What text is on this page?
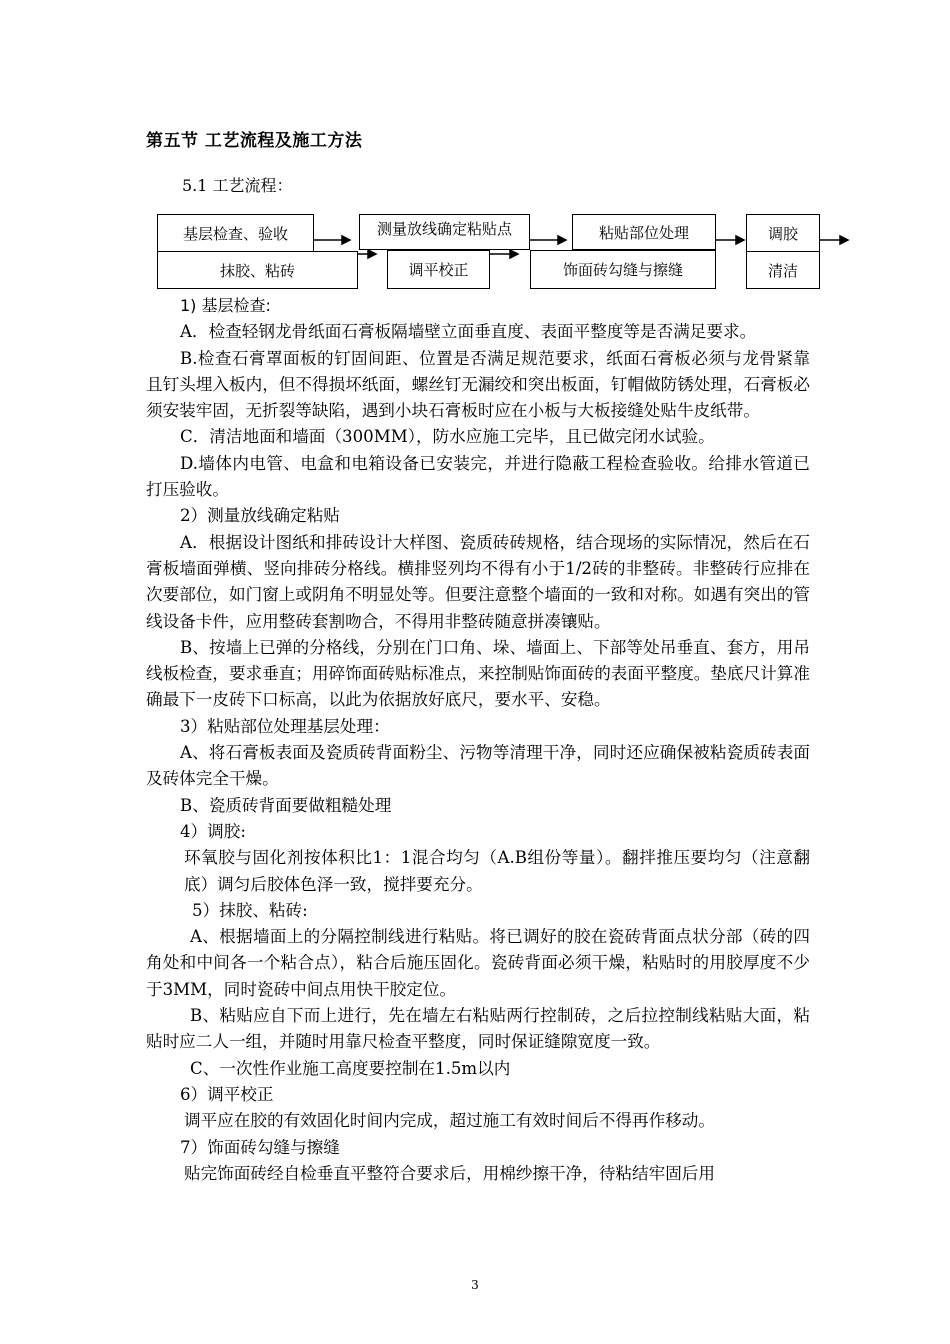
第五节 工艺流程及施工方法
5.1 工艺流程：
基层检查、验收	测量放线确定粘贴点	粘贴部位处理	调胶
抹胶、粘砖	调平校正	饰面砖勾缝与擦缝	清洁

1) 基层检查:

A．检查轻钢龙骨纸面石膏板隔墙壁立面垂直度、表面平整度等是否满足要求。

B.检查石膏罩面板的钉固间距、位置是否满足规范要求，纸面石膏板必须与龙骨紧靠且钉头埋入板内，但不得损坏纸面，螺丝钉无漏绞和突出板面，钉帽做防锈处理，石膏板必须安装牢固，无折裂等缺陷，遇到小块石膏板时应在小板与大板接缝处贴牛皮纸带。

C．清洁地面和墙面（300MM），防水应施工完毕，且已做完闭水试验。

D.墙体内电管、电盒和电箱设备已安装完，并进行隐蔽工程检查验收。给排水管道已打压验收。

2）测量放线确定粘贴

A．根据设计图纸和排砖设计大样图、瓷质砖砖规格，结合现场的实际情况，然后在石膏板墙面弹横、竖向排砖分格线。横排竖列均不得有小于1/2砖的非整砖。非整砖行应排在次要部位，如门窗上或阴角不明显处等。但要注意整个墙面的一致和对称。如遇有突出的管线设备卡件，应用整砖套割吻合，不得用非整砖随意拼凑镶贴。

B、按墙上已弹的分格线，分别在门口角、垛、墙面上、下部等处吊垂直、套方，用吊线板检查，要求垂直；用碎饰面砖贴标准点，来控制贴饰面砖的表面平整度。垫底尺计算准确最下一皮砖下口标高，以此为依据放好底尺，要水平、安稳。

3）粘贴部位处理基层处理：

A、将石膏板表面及瓷质砖背面粉尘、污物等清理干净，同时还应确保被粘瓷质砖表面及砖体完全干燥。

B、瓷质砖背面要做粗糙处理

4）调胶:

环氧胶与固化剂按体积比1：1混合均匀（A.B组份等量）。翻拌推压要均匀（注意翻底）调匀后胶体色泽一致，搅拌要充分。

5）抹胶、粘砖:

A、根据墙面上的分隔控制线进行粘贴。将已调好的胶在瓷砖背面点状分部（砖的四角处和中间各一个粘合点），粘合后施压固化。瓷砖背面必须干燥，粘贴时的用胶厚度不少于3MM，同时瓷砖中间点用快干胶定位。

B、粘贴应自下而上进行，先在墙左右粘贴两行控制砖，之后拉控制线粘贴大面，粘贴时应二人一组，并随时用靠尺检查平整度，同时保证缝隙宽度一致。

C、一次性作业施工高度要控制在1.5m以内

6）调平校正

调平应在胶的有效固化时间内完成，超过施工有效时间后不得再作移动。

7）饰面砖勾缝与擦缝

贴完饰面砖经自检垂直平整符合要求后，用棉纱擦干净，待粘结牢固后用

3
